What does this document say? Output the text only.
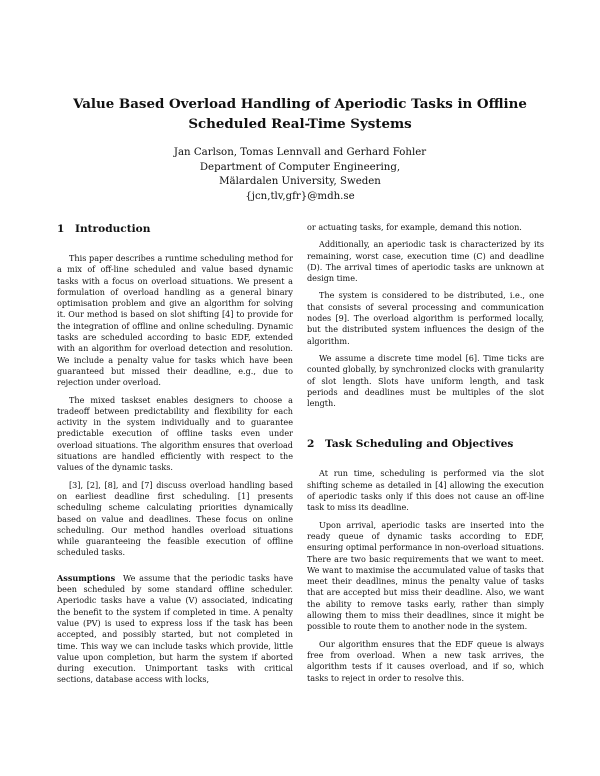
Value Based Overload Handling of Aperiodic Tasks in Offline
Scheduled Real-Time Systems
Jan Carlson, Tomas Lennvall and Gerhard Fohler
Department of Computer Engineering,
Mälardalen University, Sweden
{jcn,tlv,gfr}@mdh.se
1 Introduction

This paper describes a runtime scheduling method for a mix of off-line scheduled and value based dynamic tasks with a focus on overload situations. We present a formulation of overload handling as a general binary optimisation problem and give an algorithm for solving it. Our method is based on slot shifting [4] to provide for the integration of offline and online scheduling. Dynamic tasks are scheduled according to basic EDF, extended with an algorithm for overload detection and resolution. We include a penalty value for tasks which have been guaranteed but missed their deadline, e.g., due to rejection under overload.

The mixed taskset enables designers to choose a tradeoff between predictability and flexibility for each activity in the system individually and to guarantee predictable execution of offline tasks even under overload situations. The algorithm ensures that overload situations are handled efficiently with respect to the values of the dynamic tasks.

[3], [2], [8], and [7] discuss overload handling based on earliest deadline first scheduling. [1] presents scheduling scheme calculating priorities dynamically based on value and deadlines. These focus on online scheduling. Our method handles overload situations while guaranteeing the feasible execution of offline scheduled tasks.

Assumptions We assume that the periodic tasks have been scheduled by some standard offline scheduler. Aperiodic tasks have a value (V) associated, indicating the benefit to the system if completed in time. A penalty value (PV) is used to express loss if the task has been accepted, and possibly started, but not completed in time. This way we can include tasks which provide, little value upon completion, but harm the system if aborted during execution. Unimportant tasks with critical sections, database access with locks,

or actuating tasks, for example, demand this notion.

Additionally, an aperiodic task is characterized by its remaining, worst case, execution time (C) and deadline (D). The arrival times of aperiodic tasks are unknown at design time.

The system is considered to be distributed, i.e., one that consists of several processing and communication nodes [9]. The overload algorithm is performed locally, but the distributed system influences the design of the algorithm.

We assume a discrete time model [6]. Time ticks are counted globally, by synchronized clocks with granularity of slot length. Slots have uniform length, and task periods and deadlines must be multiples of the slot length.

2 Task Scheduling and Objectives

At run time, scheduling is performed via the slot shifting scheme as detailed in [4] allowing the execution of aperiodic tasks only if this does not cause an off-line task to miss its deadline.

Upon arrival, aperiodic tasks are inserted into the ready queue of dynamic tasks according to EDF, ensuring optimal performance in non-overload situations. There are two basic requirements that we want to meet. We want to maximise the accumulated value of tasks that meet their deadlines, minus the penalty value of tasks that are accepted but miss their deadline. Also, we want the ability to remove tasks early, rather than simply allowing them to miss their deadlines, since it might be possible to route them to another node in the system.

Our algorithm ensures that the EDF queue is always free from overload. When a new task arrives, the algorithm tests if it causes overload, and if so, which tasks to reject in order to resolve this.
